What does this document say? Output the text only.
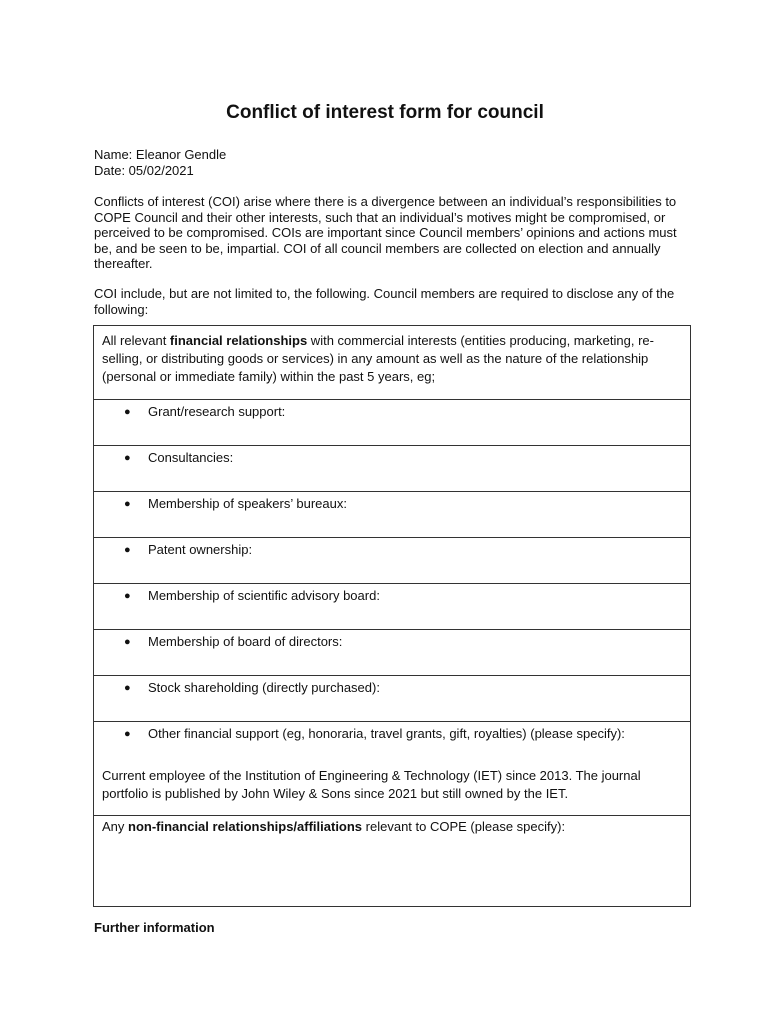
Conflict of interest form for council
Name: Eleanor Gendle
Date: 05/02/2021

Conflicts of interest (COI) arise where there is a divergence between an individual’s responsibilities to COPE Council and their other interests, such that an individual’s motives might be compromised, or perceived to be compromised. COIs are important since Council members’ opinions and actions must be, and be seen to be, impartial. COI of all council members are collected on election and annually thereafter.

COI include, but are not limited to, the following. Council members are required to disclose any of the following:

All relevant financial relationships with commercial interests (entities producing, marketing, re-selling, or distributing goods or services) in any amount as well as the nature of the relationship (personal or immediate family) within the past 5 years, eg;
●	Grant/research support:
●	Consultancies:
●	Membership of speakers’ bureaux:
●	Patent ownership:
●	Membership of scientific advisory board:
●	Membership of board of directors:
●	Stock shareholding (directly purchased):
●	Other financial support (eg, honoraria, travel grants, gift, royalties) (please specify):
Current employee of the Institution of Engineering & Technology (IET) since 2013. The journal portfolio is published by John Wiley & Sons since 2021 but still owned by the IET.
Any non-financial relationships/affiliations relevant to COPE (please specify):

Further information
